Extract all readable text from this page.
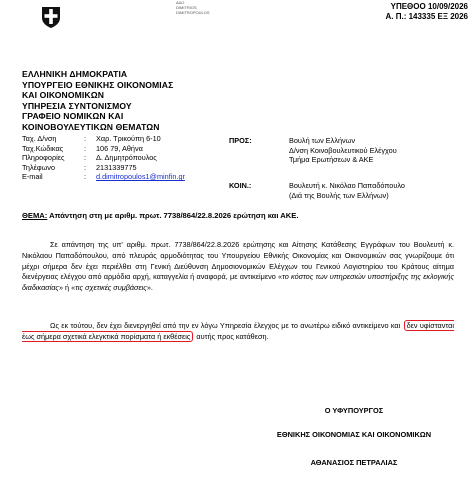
ΑΔΟ
DIMITRIOS
DIMITROPOULOS
ΥΠΕΘΟΟ 10/09/2026
Α. Π.: 143335 ΕΞ 2026
ΕΛΛΗΝΙΚΗ ΔΗΜΟΚΡΑΤΙΑ
ΥΠΟΥΡΓΕΙΟ ΕΘΝΙΚΗΣ ΟΙΚΟΝΟΜΙΑΣ
ΚΑΙ ΟΙΚΟΝΟΜΙΚΩΝ
ΥΠΗΡΕΣΙΑ ΣΥΝΤΟΝΙΣΜΟΥ
ΓΡΑΦΕΙΟ ΝΟΜΙΚΩΝ ΚΑΙ
ΚΟΙΝΟΒΟΥΛΕΥΤΙΚΩΝ ΘΕΜΑΤΩΝ
Ταχ. Δ/νση	:	Χαρ. Τρικούπη 6-10
Ταχ.Κώδικας	:	106 79, Αθήνα
Πληροφορίες	:	Δ. Δημητρόπουλος
Τηλέφωνο	:	2131339775
E-mail	:	d.dimitropoulos1@minfin.gr
ΠΡΟΣ:	Βουλή των Ελλήνων
Δ/νση Κοινοβουλευτικού Ελέγχου
Τμήμα Ερωτήσεων & ΑΚΕ
ΚΟΙΝ.:	Βουλευτή κ. Νικόλαο Παπαδόπουλο
(Διά της Βουλής των Ελλήνων)
ΘΕΜΑ: Απάντηση στη με αριθμ. πρωτ. 7738/864/22.8.2026 ερώτηση και ΑΚΕ.
Σε απάντηση της υπ' αριθμ. πρωτ. 7738/864/22.8.2026 ερώτησης και Αίτησης Κατάθεσης Εγγράφων του Βουλευτή κ. Νικόλαου Παπαδόπουλου, από πλευράς αρμοδιότητας του Υπουργείου Εθνικής Οικονομίας και Οικονομικών σας γνωρίζουμε ότι μέχρι σήμερα δεν έχει περιέλθει στη Γενική Διεύθυνση Δημοσιονομικών Ελέγχων του Γενικού Λογιστηρίου του Κράτους αίτημα διενέργειας ελέγχου από αρμόδια αρχή, καταγγελία ή αναφορά, με αντικείμενο «το κόστος των υπηρεσιών υποστήριξης της εκλογικής διαδικασίας» ή «τις σχετικές συμβάσεις».
Ως εκ τούτου, δεν έχει διενεργηθεί από την εν λόγω Υπηρεσία έλεγχος με το ανωτέρω ειδικό αντικείμενο και δεν υφίστανται έως σήμερα σχετικά ελεγκτικά πορίσματα ή εκθέσεις αυτής προς κατάθεση.
Ο ΥΦΥΠΟΥΡΓΟΣ
ΕΘΝΙΚΗΣ ΟΙΚΟΝΟΜΙΑΣ ΚΑΙ ΟΙΚΟΝΟΜΙΚΩΝ
ΑΘΑΝΑΣΙΟΣ ΠΕΤΡΑΛΙΑΣ
